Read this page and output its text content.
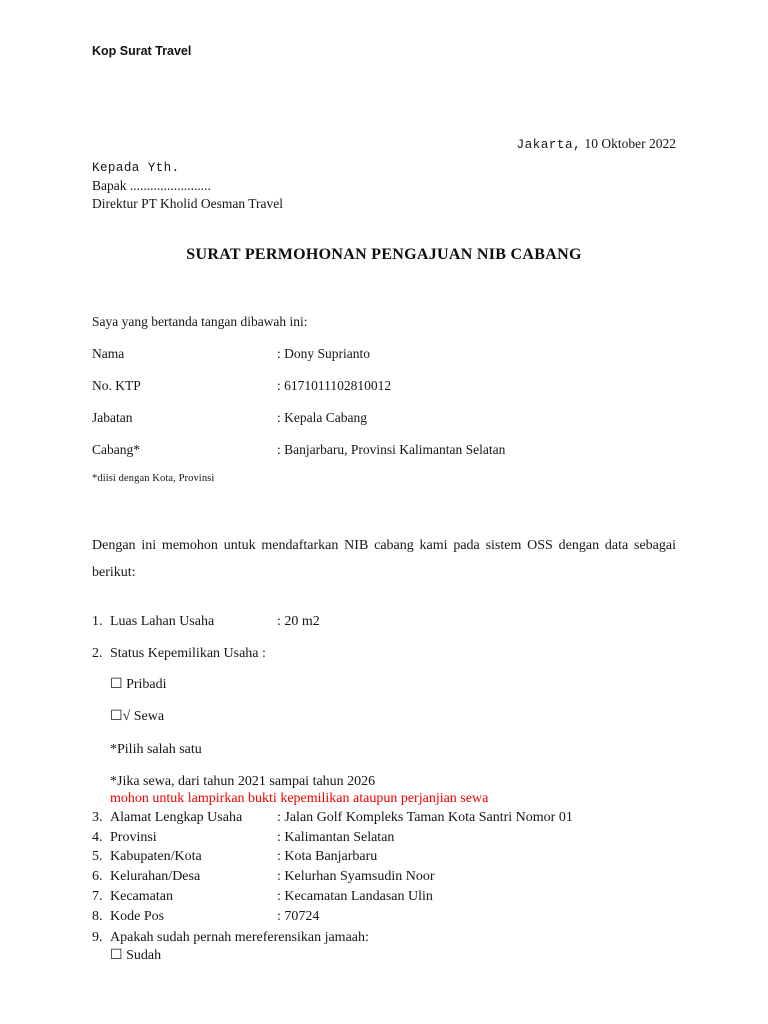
Kop Surat Travel
Jakarta, 10 Oktober 2022
Kepada Yth.
Bapak ........................
Direktur PT Kholid Oesman Travel
SURAT PERMOHONAN PENGAJUAN NIB CABANG
Saya yang bertanda tangan dibawah ini:
Nama	: Dony Suprianto
No. KTP	: 6171011102810012
Jabatan	: Kepala Cabang
Cabang*	: Banjarbaru, Provinsi Kalimantan Selatan
*diisi dengan Kota, Provinsi
Dengan ini memohon untuk mendaftarkan NIB cabang kami pada sistem OSS dengan data sebagai berikut:
1. Luas Lahan Usaha	: 20 m2
2. Status Kepemilikan Usaha :
☐ Pribadi
☐√ Sewa
*Pilih salah satu
*Jika sewa, dari tahun 2021 sampai tahun 2026
mohon untuk lampirkan bukti kepemilikan ataupun perjanjian sewa
3. Alamat Lengkap Usaha : Jalan Golf Kompleks Taman Kota Santri Nomor 01
4. Provinsi	: Kalimantan Selatan
5. Kabupaten/Kota	: Kota Banjarbaru
6. Kelurahan/Desa	: Kelurhan Syamsudin Noor
7. Kecamatan	: Kecamatan Landasan Ulin
8. Kode Pos	: 70724
9. Apakah sudah pernah mereferensikan jamaah:
☐ Sudah
